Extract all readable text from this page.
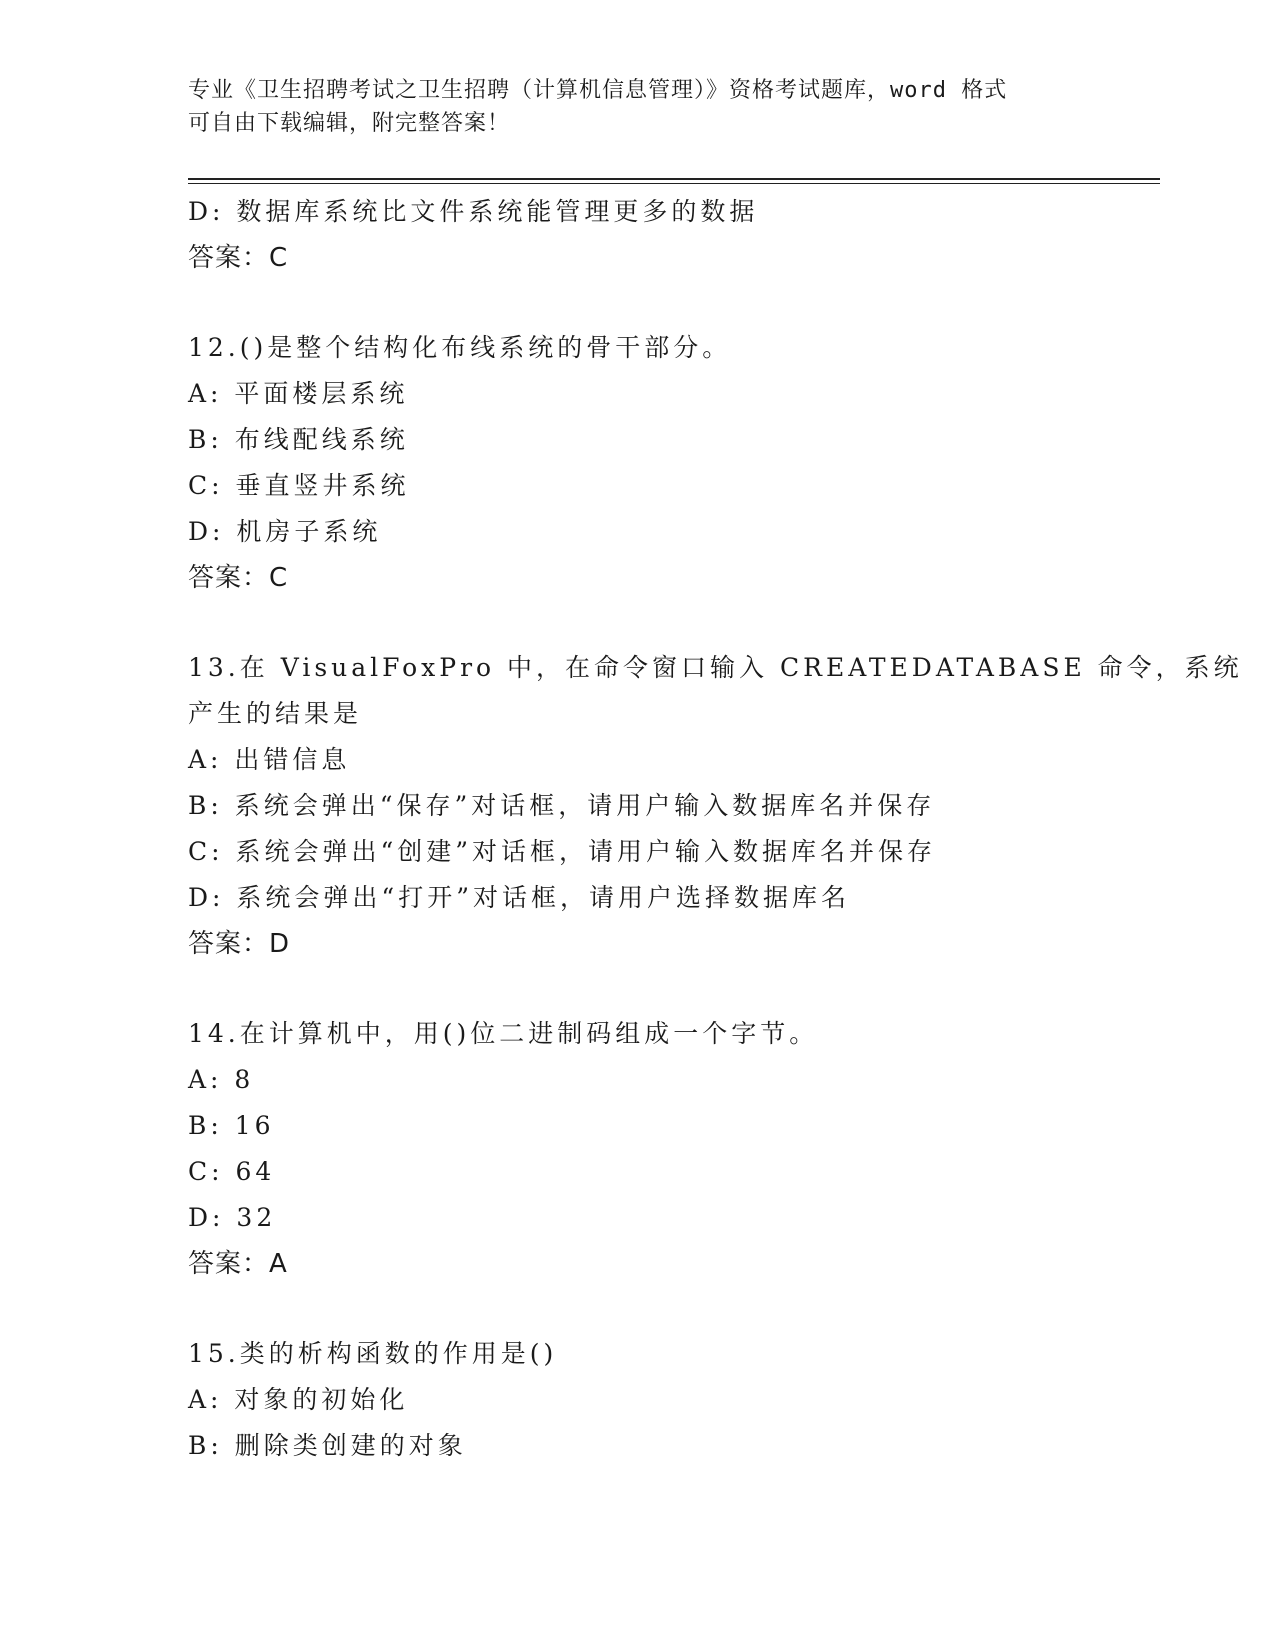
专业《卫生招聘考试之卫生招聘（计算机信息管理）》资格考试题库，word 格式
可自由下载编辑，附完整答案！
D: 数据库系统比文件系统能管理更多的数据
答案：C
12.()是整个结构化布线系统的骨干部分。
A: 平面楼层系统
B: 布线配线系统
C: 垂直竖井系统
D: 机房子系统
答案：C
13.在 VisualFoxPro 中，在命令窗口输入 CREATEDATABASE 命令，系统
产生的结果是
A: 出错信息
B: 系统会弹出“保存”对话框，请用户输入数据库名并保存
C: 系统会弹出“创建”对话框，请用户输入数据库名并保存
D: 系统会弹出“打开”对话框，请用户选择数据库名
答案：D
14.在计算机中，用()位二进制码组成一个字节。
A: 8
B: 16
C: 64
D: 32
答案：A
15.类的析构函数的作用是()
A: 对象的初始化
B: 删除类创建的对象
